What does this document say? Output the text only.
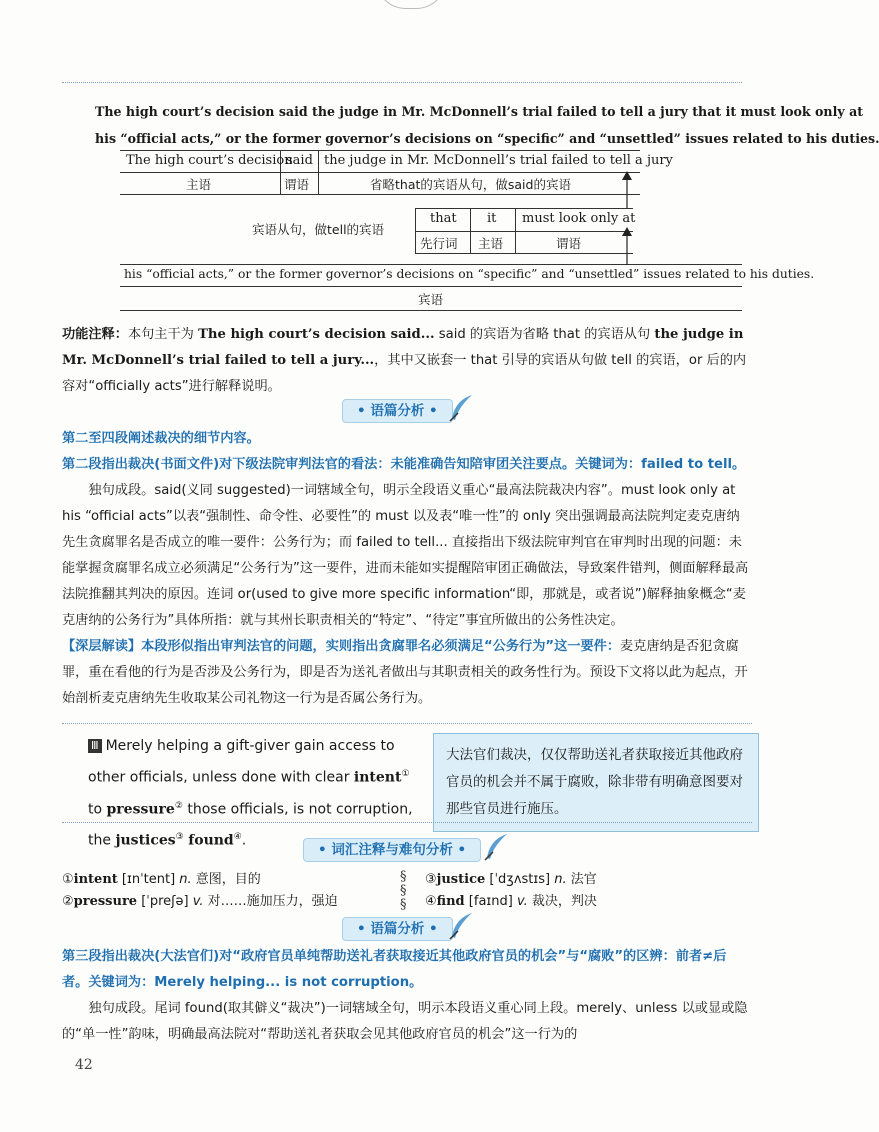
The high court’s decision said the judge in Mr. McDonnell’s trial failed to tell a jury that it must look only at
his “official acts,” or the former governor’s decisions on “specific” and “unsettled” issues related to his duties.
The high court’s decision
主语
said
谓语
the judge in Mr. McDonnell’s trial failed to tell a jury
省略that的宾语从句，做said的宾语
宾语从句，做tell的宾语
that
先行词
it
主语
must look only at
谓语
his “official acts,” or the former governor’s decisions on “specific” and “unsettled” issues related to his duties.
宾语
功能注释：本句主干为 The high court’s decision said... said 的宾语为省略 that 的宾语从句 the judge in Mr. McDonnell’s trial failed to tell a jury...，其中又嵌套一 that 引导的宾语从句做 tell 的宾语，or 后的内容对“officially acts”进行解释说明。
• 语篇分析 •
第二至四段阐述裁决的细节内容。
第二段指出裁决(书面文件)对下级法院审判法官的看法：未能准确告知陪审团关注要点。关键词为：failed to tell。
独句成段。said(义同 suggested)一词辖域全句，明示全段语义重心“最高法院裁决内容”。must look only at his “official acts”以表“强制性、命令性、必要性”的 must 以及表“唯一性”的 only 突出强调最高法院判定麦克唐纳先生贪腐罪名是否成立的唯一要件：公务行为；而 failed to tell... 直接指出下级法院审判官在审判时出现的问题：未能掌握贪腐罪名成立必须满足“公务行为”这一要件，进而未能如实提醒陪审团正确做法，导致案件错判，侧面解释最高法院推翻其判决的原因。连词 or(used to give more specific information“即，那就是，或者说”)解释抽象概念“麦克唐纳的公务行为”具体所指：就与其州长职责相关的“特定”、“待定”事宜所做出的公务性决定。
【深层解读】本段形似指出审判法官的问题，实则指出贪腐罪名必须满足“公务行为”这一要件：麦克唐纳是否犯贪腐罪，重在看他的行为是否涉及公务行为，即是否为送礼者做出与其职责相关的政务性行为。预设下文将以此为起点，开始剖析麦克唐纳先生收取某公司礼物这一行为是否属公务行为。
Ⅲ Merely helping a gift-giver gain access to other officials, unless done with clear intent① to pressure② those officials, is not corruption, the justices③ found④.
大法官们裁决，仅仅帮助送礼者获取接近其他政府官员的机会并不属于腐败，除非带有明确意图要对那些官员进行施压。
• 词汇注释与难句分析 •
①intent [ɪnˈtent] n. 意图，目的
②pressure [ˈpreʃə] v. 对……施加压力，强迫
§
§
§
③justice [ˈdʒʌstɪs] n. 法官
④find [faɪnd] v. 裁决，判决
• 语篇分析 •
第三段指出裁决(大法官们)对“政府官员单纯帮助送礼者获取接近其他政府官员的机会”与“腐败”的区辨：前者≠后者。关键词为：Merely helping... is not corruption。
独句成段。尾词 found(取其僻义“裁决”)一词辖域全句，明示本段语义重心同上段。merely、unless 以或显或隐的“单一性”韵味，明确最高法院对“帮助送礼者获取会见其他政府官员的机会”这一行为的
42
